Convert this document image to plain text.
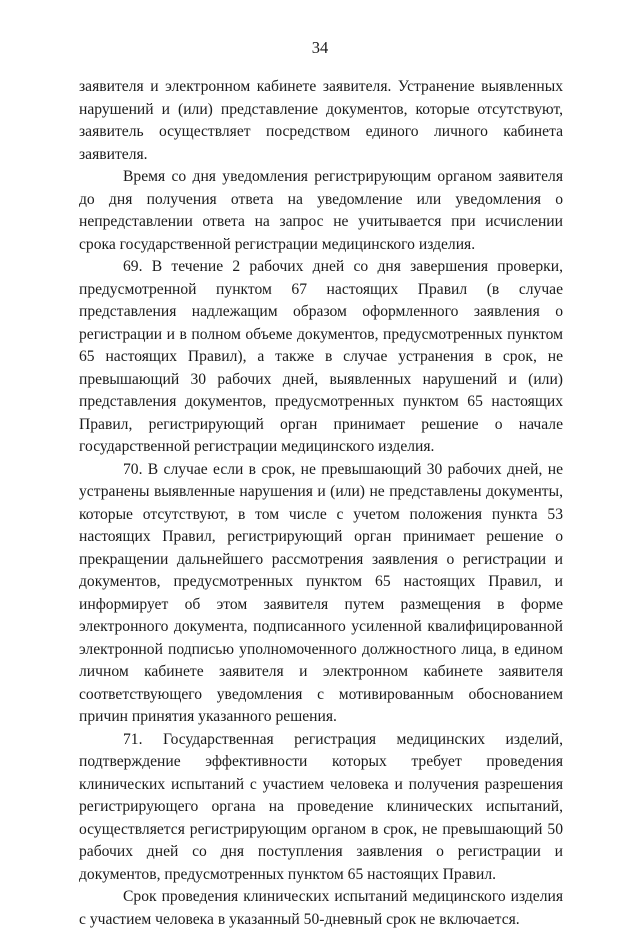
34

заявителя и электронном кабинете заявителя. Устранение выявленных нарушений и (или) представление документов, которые отсутствуют, заявитель осуществляет посредством единого личного кабинета заявителя.

Время со дня уведомления регистрирующим органом заявителя до дня получения ответа на уведомление или уведомления о непредставлении ответа на запрос не учитывается при исчислении срока государственной регистрации медицинского изделия.

69. В течение 2 рабочих дней со дня завершения проверки, предусмотренной пунктом 67 настоящих Правил (в случае представления надлежащим образом оформленного заявления о регистрации и в полном объеме документов, предусмотренных пунктом 65 настоящих Правил), а также в случае устранения в срок, не превышающий 30 рабочих дней, выявленных нарушений и (или) представления документов, предусмотренных пунктом 65 настоящих Правил, регистрирующий орган принимает решение о начале государственной регистрации медицинского изделия.

70. В случае если в срок, не превышающий 30 рабочих дней, не устранены выявленные нарушения и (или) не представлены документы, которые отсутствуют, в том числе с учетом положения пункта 53 настоящих Правил, регистрирующий орган принимает решение о прекращении дальнейшего рассмотрения заявления о регистрации и документов, предусмотренных пунктом 65 настоящих Правил, и информирует об этом заявителя путем размещения в форме электронного документа, подписанного усиленной квалифицированной электронной подписью уполномоченного должностного лица, в едином личном кабинете заявителя и электронном кабинете заявителя соответствующего уведомления с мотивированным обоснованием причин принятия указанного решения.

71. Государственная регистрация медицинских изделий, подтверждение эффективности которых требует проведения клинических испытаний с участием человека и получения разрешения регистрирующего органа на проведение клинических испытаний, осуществляется регистрирующим органом в срок, не превышающий 50 рабочих дней со дня поступления заявления о регистрации и документов, предусмотренных пунктом 65 настоящих Правил.

Срок проведения клинических испытаний медицинского изделия с участием человека в указанный 50-дневный срок не включается.
